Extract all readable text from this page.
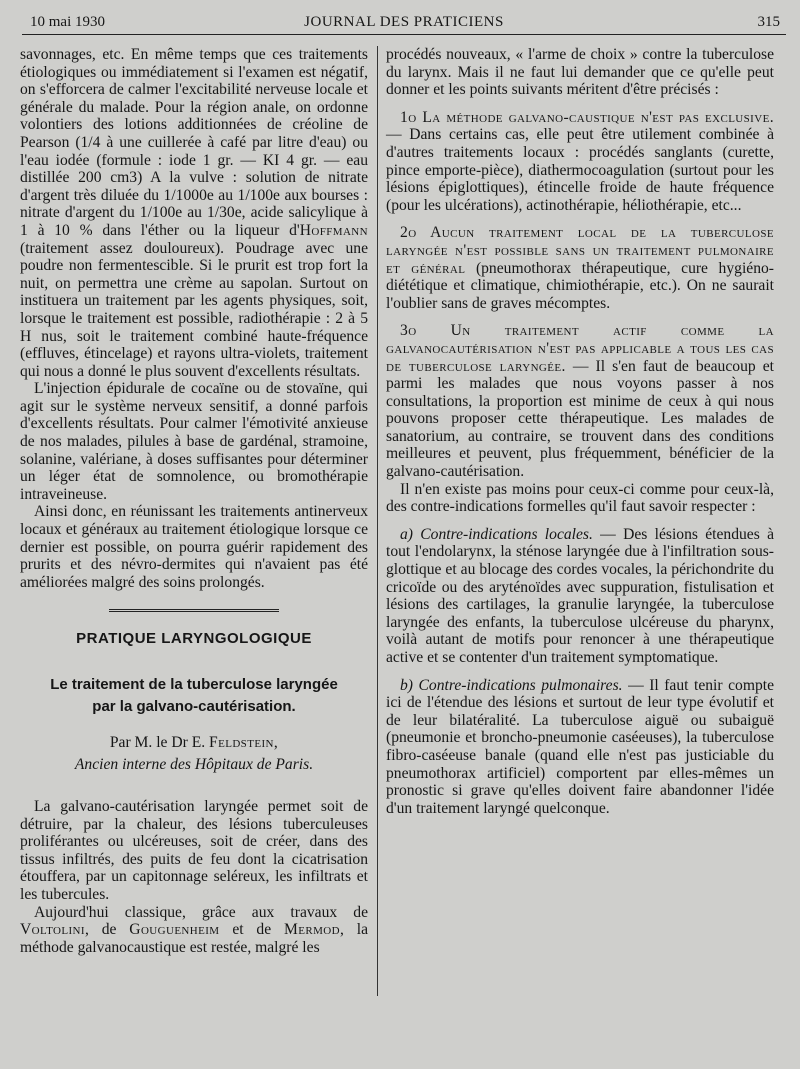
10 mai 1930	JOURNAL DES PRATICIENS	315

savonnages, etc. En même temps que ces traitements étiologiques ou immédiatement si l'examen est négatif, on s'efforcera de calmer l'excitabilité nerveuse locale et générale du malade. Pour la région anale, on ordonne volontiers des lotions additionnées de créoline de Pearson (1/4 à une cuillerée à café par litre d'eau) ou l'eau iodée (formule : iode 1 gr. — KI 4 gr. — eau distillée 200 cm3) A la vulve : solution de nitrate d'argent très diluée du 1/1000e au 1/100e aux bourses : nitrate d'argent du 1/100e au 1/30e, acide salicylique à 1 à 10 % dans l'éther ou la liqueur d'Hoffmann (traitement assez douloureux). Poudrage avec une poudre non fermentescible. Si le prurit est trop fort la nuit, on permettra une crème au sapolan. Surtout on instituera un traitement par les agents physiques, soit, lorsque le traitement est possible, radiothérapie : 2 à 5 H nus, soit le traitement combiné haute-fréquence (effluves, étincelage) et rayons ultra-violets, traitement qui nous a donné le plus souvent d'excellents résultats.

L'injection épidurale de cocaïne ou de stovaïne, qui agit sur le système nerveux sensitif, a donné parfois d'excellents résultats. Pour calmer l'émotivité anxieuse de nos malades, pilules à base de gardénal, stramoine, solanine, valériane, à doses suffisantes pour déterminer un léger état de somnolence, ou bromothérapie intraveineuse.

Ainsi donc, en réunissant les traitements antinerveux locaux et généraux au traitement étiologique lorsque ce dernier est possible, on pourra guérir rapidement des prurits et des névro-dermites qui n'avaient pas été améliorées malgré des soins prolongés.

PRATIQUE LARYNGOLOGIQUE
Le traitement de la tuberculose laryngée
par la galvano-cautérisation.

Par M. le Dr E. Feldstein,

Ancien interne des Hôpitaux de Paris.

La galvano-cautérisation laryngée permet soit de détruire, par la chaleur, des lésions tuberculeuses proliférantes ou ulcéreuses, soit de créer, dans des tissus infiltrés, des puits de feu dont la cicatrisation étouffera, par un capitonnage seléreux, les infiltrats et les tubercules.

Aujourd'hui classique, grâce aux travaux de Voltolini, de Gouguenheim et de Mermod, la méthode galvanocaustique est restée, malgré les

procédés nouveaux, « l'arme de choix » contre la tuberculose du larynx. Mais il ne faut lui demander que ce qu'elle peut donner et les points suivants méritent d'être précisés :

1o La méthode galvano-caustique n'est pas exclusive. — Dans certains cas, elle peut être utilement combinée à d'autres traitements locaux : procédés sanglants (curette, pince emporte-pièce), diathermocoagulation (surtout pour les lésions épiglottiques), étincelle froide de haute fréquence (pour les ulcérations), actinothérapie, héliothérapie, etc...

2o Aucun traitement local de la tuberculose laryngée n'est possible sans un traitement pulmonaire et général (pneumothorax thérapeutique, cure hygiéno-diététique et climatique, chimiothérapie, etc.). On ne saurait l'oublier sans de graves mécomptes.

3o Un traitement actif comme la galvanocautérisation n'est pas applicable a tous les cas de tuberculose laryngée. — Il s'en faut de beaucoup et parmi les malades que nous voyons passer à nos consultations, la proportion est minime de ceux à qui nous pouvons proposer cette thérapeutique. Les malades de sanatorium, au contraire, se trouvent dans des conditions meilleures et peuvent, plus fréquemment, bénéficier de la galvano-cautérisation.

Il n'en existe pas moins pour ceux-ci comme pour ceux-là, des contre-indications formelles qu'il faut savoir respecter :

a) Contre-indications locales. — Des lésions étendues à tout l'endolarynx, la sténose laryngée due à l'infiltration sous-glottique et au blocage des cordes vocales, la périchondrite du cricoïde ou des aryténoïdes avec suppuration, fistulisation et lésions des cartilages, la granulie laryngée, la tuberculose laryngée des enfants, la tuberculose ulcéreuse du pharynx, voilà autant de motifs pour renoncer à une thérapeutique active et se contenter d'un traitement symptomatique.

b) Contre-indications pulmonaires. — Il faut tenir compte ici de l'étendue des lésions et surtout de leur type évolutif et de leur bilatéralité. La tuberculose aiguë ou subaiguë (pneumonie et broncho-pneumonie caséeuses), la tuberculose fibro-caséeuse banale (quand elle n'est pas justiciable du pneumothorax artificiel) comportent par elles-mêmes un pronostic si grave qu'elles doivent faire abandonner l'idée d'un traitement laryngé quelconque.
